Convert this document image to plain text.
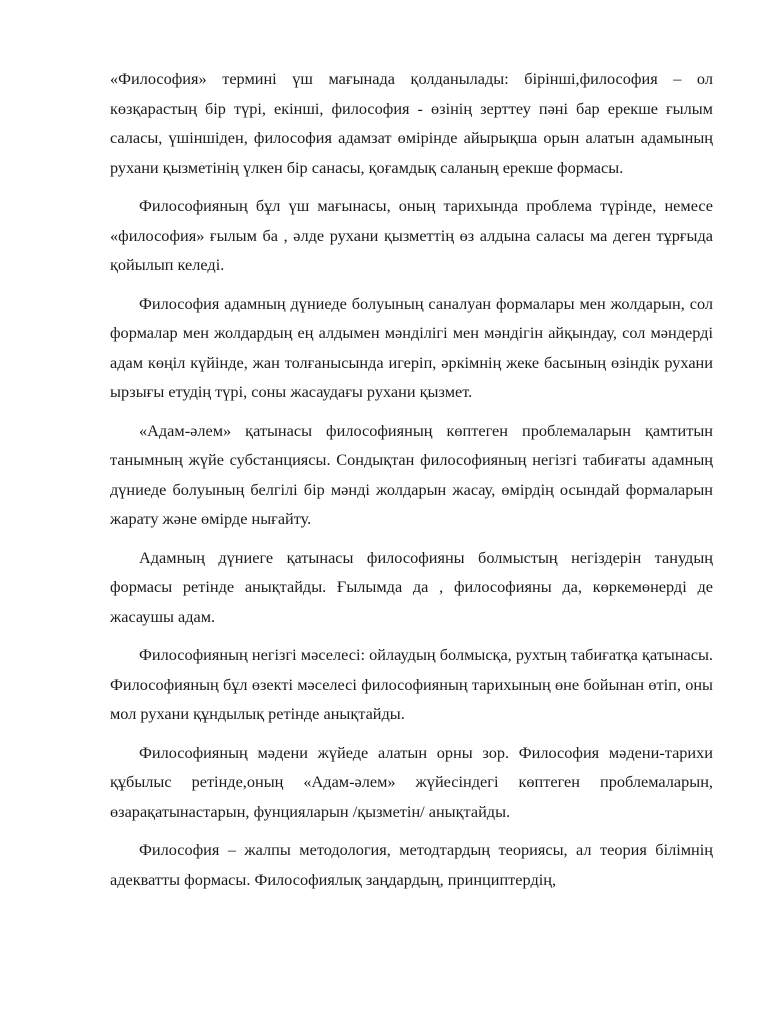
«Философия» термині үш мағынада қолданылады: бірінші,философия – ол көзқарастың бір түрі, екінші, философия - өзінің зерттеу пәні бар ерекше ғылым саласы, үшіншіден, философия адамзат өмірінде айырықша орын алатын адамының рухани қызметінің үлкен бір санасы, қоғамдық саланың ерекше формасы.

Философияның бұл үш мағынасы, оның тарихында проблема түрінде, немесе «философия» ғылым ба , әлде рухани қызметтің өз алдына саласы ма деген тұрғыда қойылып келеді.

Философия адамның дүниеде болуының саналуан формалары мен жолдарын, сол формалар мен жолдардың ең алдымен мәнділігі мен мәндігін айқындау, сол мәндерді адам көңіл күйінде, жан толғанысында игеріп, әркімнің жеке басының өзіндік рухани ырзығы етудің түрі, соны жасаудағы рухани қызмет.

«Адам-әлем» қатынасы философияның көптеген проблемаларын қамтитын танымның жүйе субстанциясы. Сондықтан философияның негізгі табиғаты адамның дүниеде болуының белгілі бір мәнді жолдарын жасау, өмірдің осындай формаларын жарату және өмірде нығайту.

Адамның дүниеге қатынасы философияны болмыстың негіздерін танудың формасы ретінде анықтайды. Ғылымда да , философияны да, көркемөнерді де жасаушы адам.

Философияның негізгі мәселесі: ойлаудың болмысқа, рухтың табиғатқа қатынасы. Философияның бұл өзекті мәселесі философияның тарихының өне бойынан өтіп, оны мол рухани құндылық ретінде анықтайды.

Философияның мәдени жүйеде алатын орны зор. Философия мәдени-тарихи құбылыс ретінде,оның «Адам-әлем» жүйесіндегі көптеген проблемаларын, өзарақатынастарын, фунцияларын /қызметін/ анықтайды.

Философия – жалпы методология, методтардың теориясы, ал теория білімнің адекватты формасы. Философиялық заңдардың, принциптердің,
